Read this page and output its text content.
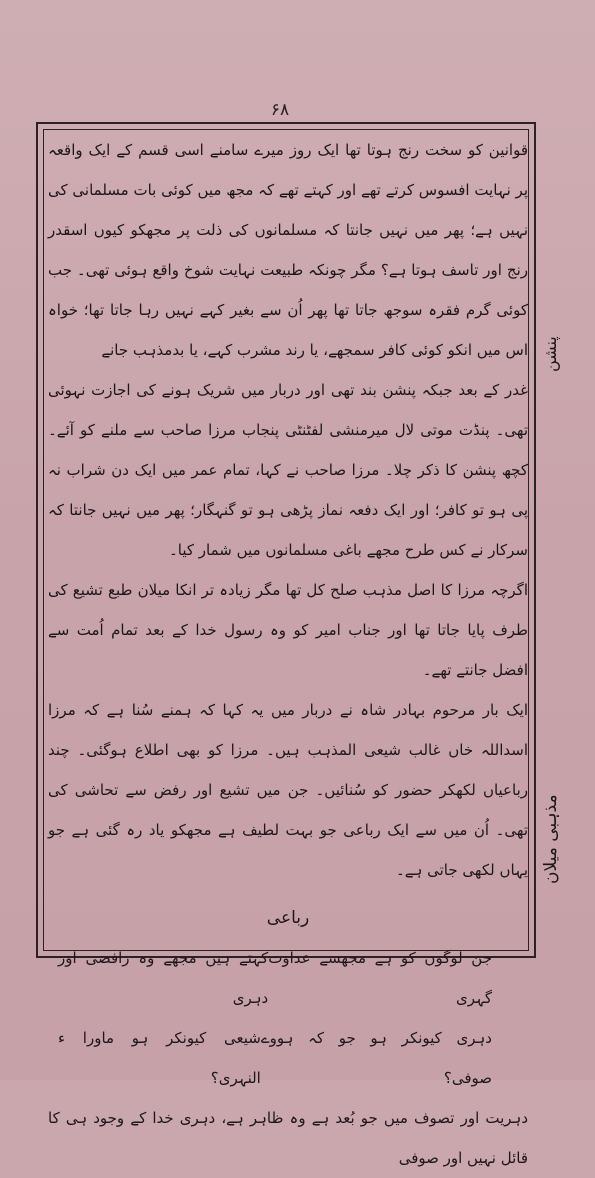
۶۸

قوانین کو سخت رنج ہوتا تھا ایک روز میرے سامنے اسی قسم کے ایک واقعہ پر نہایت افسوس کرتے تھے اور کہتے تھے کہ مجھ میں کوئی بات مسلمانی کی نہیں ہے؛ پھر میں نہیں جانتا کہ مسلمانوں کی ذلت پر مجھکو کیوں اسقدر رنج اور تاسف ہوتا ہے؟ مگر چونکہ طبیعت نہایت شوخ واقع ہوئی تھی۔ جب کوئی گرم فقرہ سوجھ جاتا تھا پھر اُن سے بغیر کہے نہیں رہا جاتا تھا؛ خواہ اس میں انکو کوئی کافر سمجھے، یا رند مشرب کہے، یا بدمذہب جانے

غدر کے بعد جبکہ پنشن بند تھی اور دربار میں شریک ہونے کی اجازت نہوئی تھی۔ پنڈت موتی لال میرمنشی لفٹنٹی پنجاب مرزا صاحب سے ملنے کو آئے۔ کچھ پنشن کا ذکر چلا۔ مرزا صاحب نے کہا، تمام عمر میں ایک دن شراب نہ پی ہو تو کافر؛ اور ایک دفعہ نماز پڑھی ہو تو گنہگار؛ پھر میں نہیں جانتا کہ سرکار نے کس طرح مجھے باغی مسلمانوں میں شمار کیا۔

اگرچہ مرزا کا اصل مذہب صلح کل تھا مگر زیادہ تر انکا میلان طبع تشیع کی طرف پایا جاتا تھا اور جناب امیر کو وہ رسول خدا کے بعد تمام اُمت سے افضل جانتے تھے۔

ایک بار مرحوم بہادر شاہ نے دربار میں یہ کہا کہ ہمنے سُنا ہے کہ مرزا اسداللہ خاں غالب شیعی المذہب ہیں۔ مرزا کو بھی اطلاع ہوگئی۔ چند رباعیاں لکھکر حضور کو سُنائیں۔ جن میں تشیع اور رفض سے تحاشی کی تھی۔ اُن میں سے ایک رباعی جو بہت لطیف ہے مجھکو یاد رہ گئی ہے جو یہاں لکھی جاتی ہے۔

رباعی
جن لوگوں کو ہے مجھسے عداوت گہری
کہتے ہیں مجھے وہ رافضی اور دہری
دہری کیونکر ہو جو کہ ہووے صوفی؟
شیعی کیونکر ہو ماورا ء النہری؟
دہریت اور تصوف میں جو بُعد ہے وہ ظاہر ہے، دہری خدا کے وجود ہی کا قائل نہیں اور صوفی
پنشن
مذہبی میلان
